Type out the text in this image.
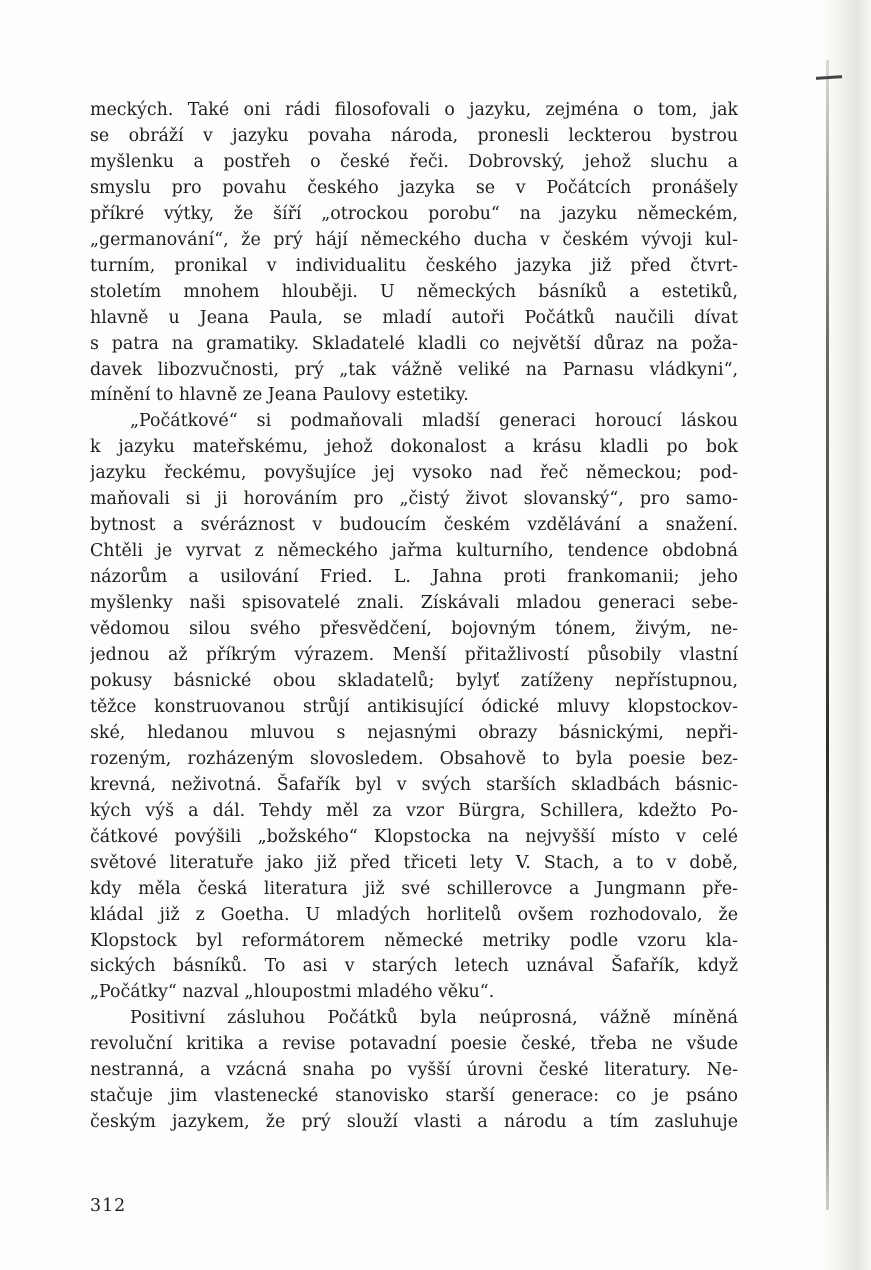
meckých. Také oni rádi filosofovali o jazyku, zejména o tom, jak
se obráží v jazyku povaha národa, pronesli leckterou bystrou
myšlenku a postřeh o české řeči. Dobrovský, jehož sluchu a
smyslu pro povahu českého jazyka se v Počátcích pronášely
příkré výtky, že šíří „otrockou porobu“ na jazyku německém,
„germanování“, že prý hájí německého ducha v českém vývoji kul-
turním, pronikal v individualitu českého jazyka již před čtvrt-
stoletím mnohem hlouběji. U německých básníků a estetiků,
hlavně u Jeana Paula, se mladí autoři Počátků naučili dívat
s patra na gramatiky. Skladatelé kladli co největší důraz na poža-
davek libozvučnosti, prý „tak vážně veliké na Parnasu vládkyni“,
mínění to hlavně ze Jeana Paulovy estetiky.
„Počátkové“ si podmaňovali mladší generaci horoucí láskou
k jazyku mateřskému, jehož dokonalost a krásu kladli po bok
jazyku řeckému, povyšujíce jej vysoko nad řeč německou; pod-
maňovali si ji horováním pro „čistý život slovanský“, pro samo-
bytnost a svéráznost v budoucím českém vzdělávání a snažení.
Chtěli je vyrvat z německého jařma kulturního, tendence obdobná
názorům a usilování Fried. L. Jahna proti frankomanii; jeho
myšlenky naši spisovatelé znali. Získávali mladou generaci sebe-
vědomou silou svého přesvědčení, bojovným tónem, živým, ne-
jednou až příkrým výrazem. Menší přitažlivostí působily vlastní
pokusy básnické obou skladatelů; bylyť zatíženy nepřístupnou,
těžce konstruovanou strůjí antikisující ódické mluvy klopstockov-
ské, hledanou mluvou s nejasnými obrazy básnickými, nepři-
rozeným, rozházeným slovosledem. Obsahově to byla poesie bez-
krevná, neživotná. Šafařík byl v svých starších skladbách básnic-
kých výš a dál. Tehdy měl za vzor Bürgra, Schillera, kdežto Po-
čátkové povýšili „božského“ Klopstocka na nejvyšší místo v celé
světové literatuře jako již před třiceti lety V. Stach, a to v době,
kdy měla česká literatura již své schillerovce a Jungmann pře-
kládal již z Goetha. U mladých horlitelů ovšem rozhodovalo, že
Klopstock byl reformátorem německé metriky podle vzoru kla-
sických básníků. To asi v starých letech uznával Šafařík, když
„Počátky“ nazval „hloupostmi mladého věku“.
Positivní zásluhou Počátků byla neúprosná, vážně míněná
revoluční kritika a revise potavadní poesie české, třeba ne všude
nestranná, a vzácná snaha po vyšší úrovni české literatury. Ne-
stačuje jim vlastenecké stanovisko starší generace: co je psáno
českým jazykem, že prý slouží vlasti a národu a tím zasluhuje
312
